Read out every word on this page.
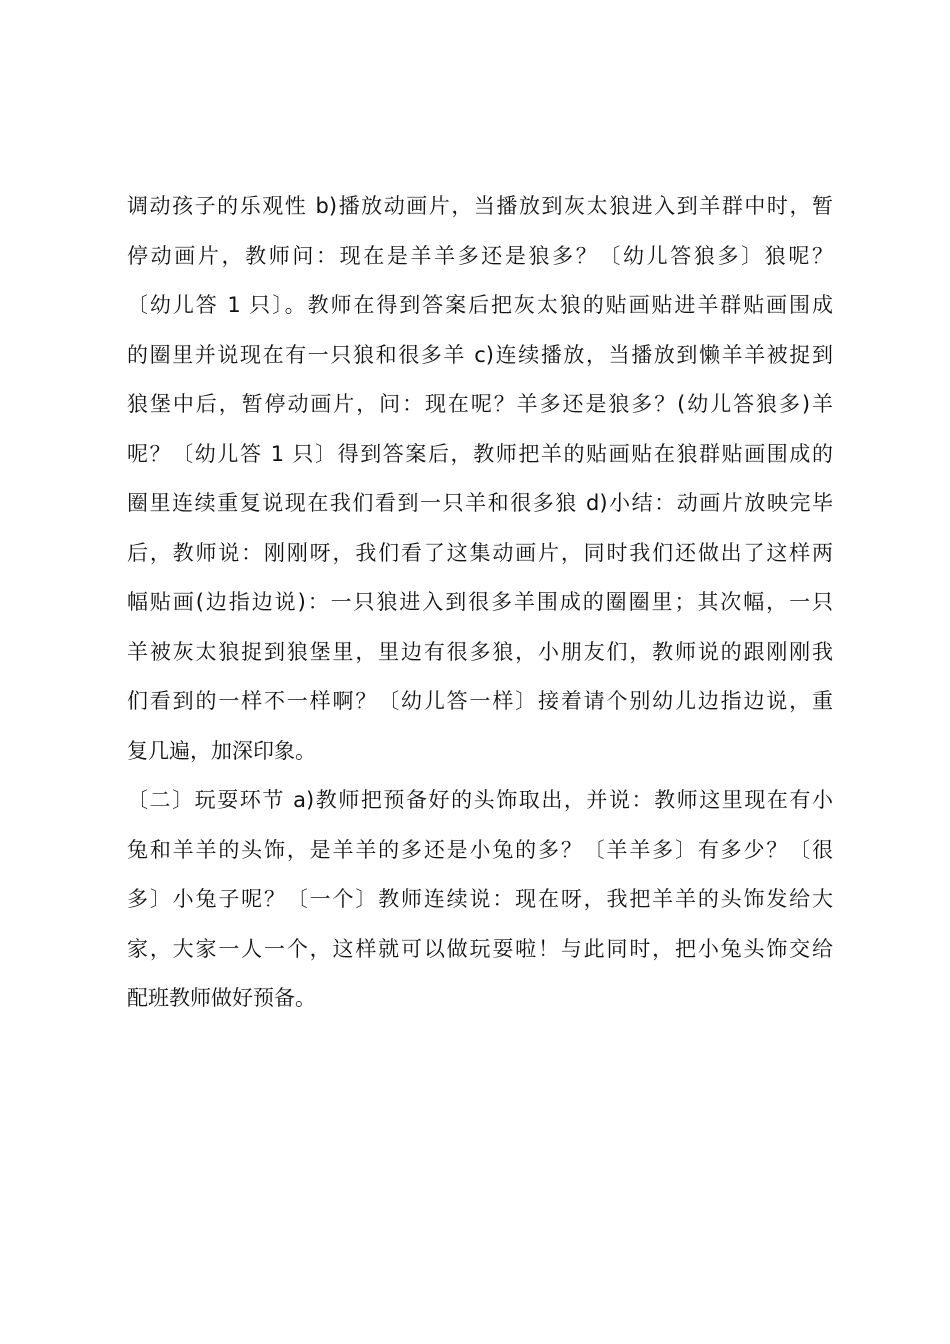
调动孩子的乐观性 b)播放动画片，当播放到灰太狼进入到羊群中时，暂
停动画片，教师问：现在是羊羊多还是狼多？〔幼儿答狼多〕狼呢？
〔幼儿答 1 只〕。教师在得到答案后把灰太狼的贴画贴进羊群贴画围成
的圈里并说现在有一只狼和很多羊 c)连续播放，当播放到懒羊羊被捉到
狼堡中后，暂停动画片，问：现在呢？羊多还是狼多？(幼儿答狼多)羊
呢？〔幼儿答 1 只〕得到答案后，教师把羊的贴画贴在狼群贴画围成的
圈里连续重复说现在我们看到一只羊和很多狼 d)小结：动画片放映完毕
后，教师说：刚刚呀，我们看了这集动画片，同时我们还做出了这样两
幅贴画(边指边说)：一只狼进入到很多羊围成的圈圈里；其次幅，一只
羊被灰太狼捉到狼堡里，里边有很多狼，小朋友们，教师说的跟刚刚我
们看到的一样不一样啊？〔幼儿答一样〕接着请个别幼儿边指边说，重
复几遍，加深印象。
〔二〕玩耍环节 a)教师把预备好的头饰取出，并说：教师这里现在有小
兔和羊羊的头饰，是羊羊的多还是小兔的多？〔羊羊多〕有多少？〔很
多〕小兔子呢？〔一个〕教师连续说：现在呀，我把羊羊的头饰发给大
家，大家一人一个，这样就可以做玩耍啦！与此同时，把小兔头饰交给
配班教师做好预备。
